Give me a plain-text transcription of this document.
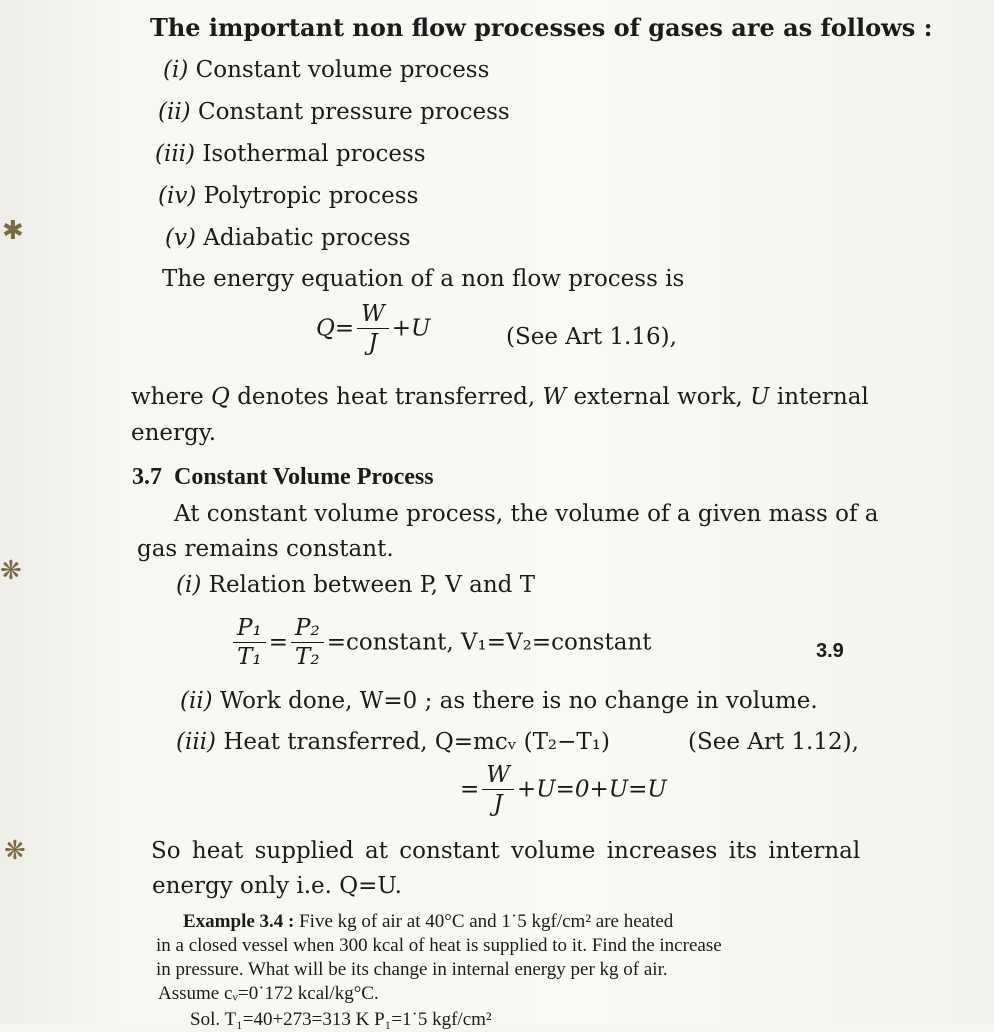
✱
❋
❋
The important non flow processes of gases are as follows :
(i) Constant volume process
(ii) Constant pressure process
(iii) Isothermal process
(iv) Polytropic process
(v) Adiabatic process
The energy equation of a non flow process is
$Q= \frac{W}{J} +U$	(See Art 1.16),
where Q denotes heat transferred, W external work, U internal
energy.
3.7 Constant Volume Process
At constant volume process, the volume of a given mass of a
gas remains constant.
(i) Relation between P, V and T
$\frac{\text{P₁}}{\text{T₁}} = \frac{\text{P₂}}{\text{T₂}}$ =constant, V₁=V₂=constant	3.9
(ii) Work done, W=0 ; as there is no change in volume.
(iii) Heat transferred, Q=mcᵥ (T₂−T₁)	(See Art 1.12),
= $\frac{W}{J} +U=0+U=U$
So heat supplied at constant volume increases its internal
energy only i.e. Q=U.
Example 3.4 : Five kg of air at 40°C and 1˙5 kgf/cm² are heated
in a closed vessel when 300 kcal of heat is supplied to it. Find the increase
in pressure. What will be its change in internal energy per kg of air.
Assume cᵥ=0˙172 kcal/kg°C.
Sol. T₁=40+273=313 K P₁=1˙5 kgf/cm²
